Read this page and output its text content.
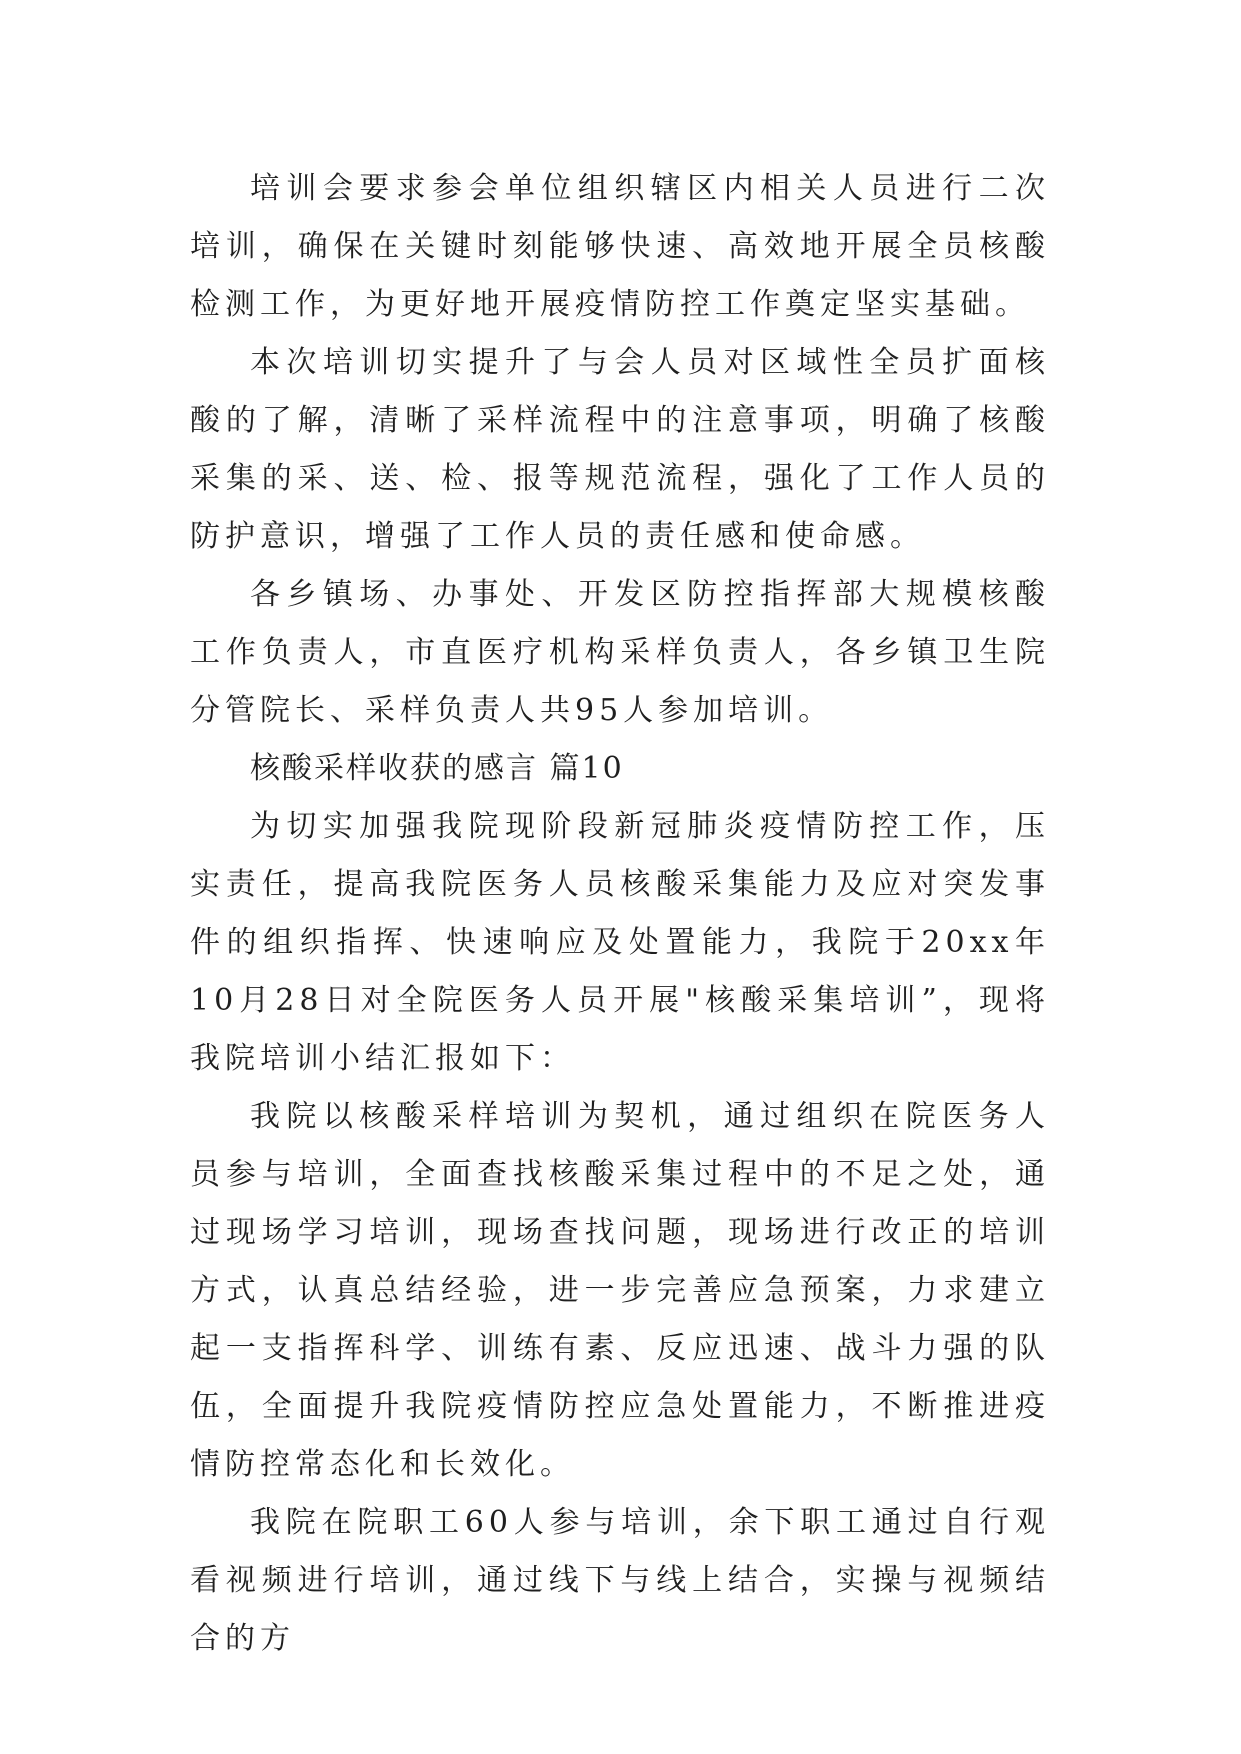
培训会要求参会单位组织辖区内相关人员进行二次培训，确保在关键时刻能够快速、高效地开展全员核酸检测工作，为更好地开展疫情防控工作奠定坚实基础。

本次培训切实提升了与会人员对区域性全员扩面核酸的了解，清晰了采样流程中的注意事项，明确了核酸采集的采、送、检、报等规范流程，强化了工作人员的防护意识，增强了工作人员的责任感和使命感。

各乡镇场、办事处、开发区防控指挥部大规模核酸工作负责人，市直医疗机构采样负责人，各乡镇卫生院分管院长、采样负责人共95人参加培训。

核酸采样收获的感言 篇10

为切实加强我院现阶段新冠肺炎疫情防控工作，压实责任，提高我院医务人员核酸采集能力及应对突发事件的组织指挥、快速响应及处置能力，我院于20xx年10月28日对全院医务人员开展"核酸采集培训”，现将我院培训小结汇报如下：

我院以核酸采样培训为契机，通过组织在院医务人员参与培训，全面查找核酸采集过程中的不足之处，通过现场学习培训，现场查找问题，现场进行改正的培训方式，认真总结经验，进一步完善应急预案，力求建立起一支指挥科学、训练有素、反应迅速、战斗力强的队伍，全面提升我院疫情防控应急处置能力，不断推进疫情防控常态化和长效化。

我院在院职工60人参与培训，余下职工通过自行观看视频进行培训，通过线下与线上结合，实操与视频结合的方
